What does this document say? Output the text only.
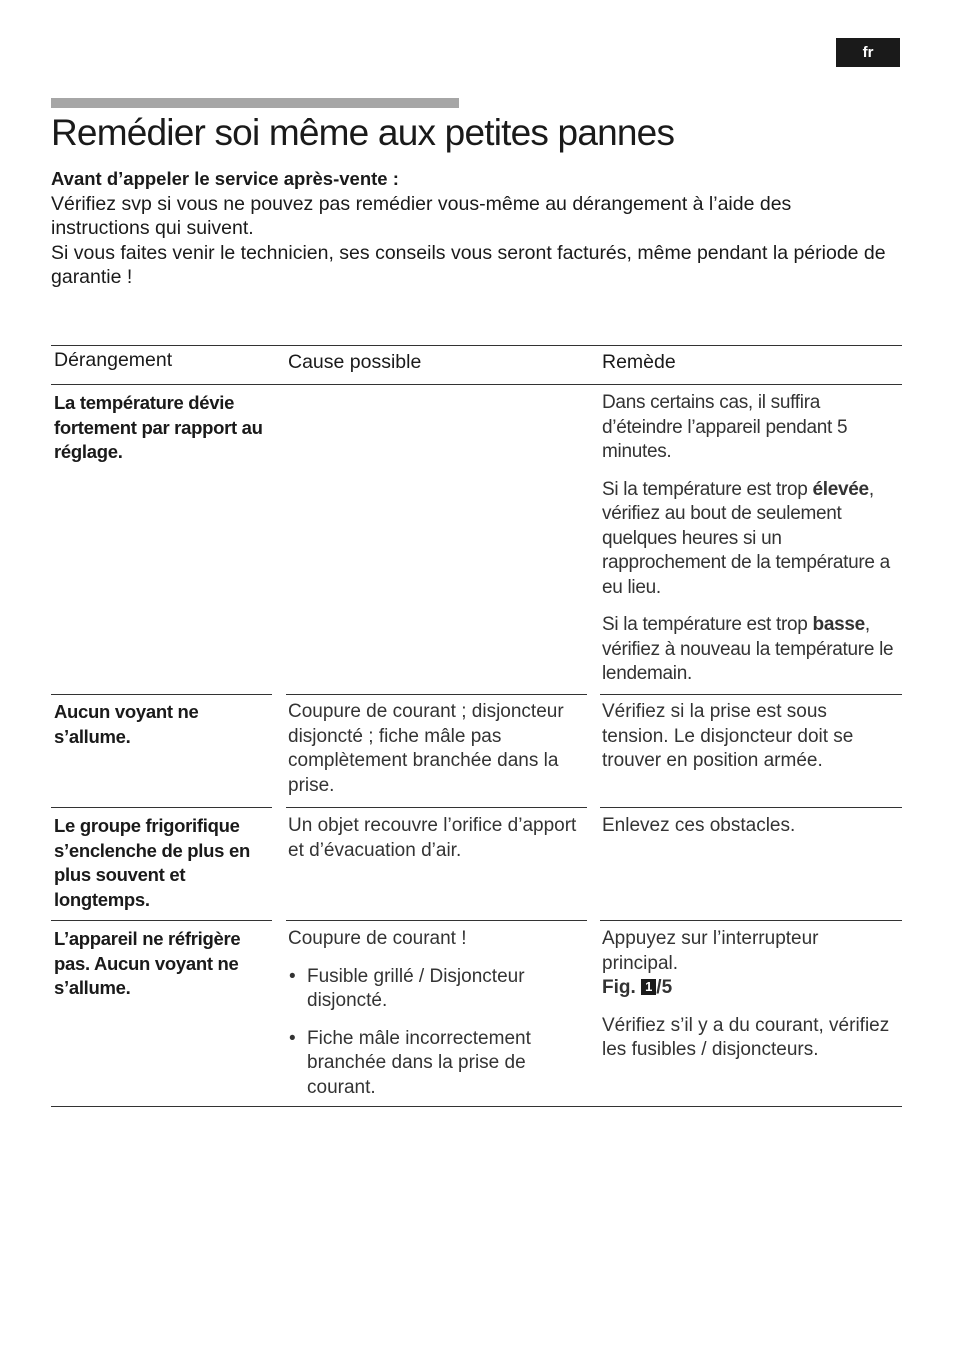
fr
Remédier soi même aux petites pannes

Avant d’appeler le service après-vente :

Vérifiez svp si vous ne pouvez pas remédier vous-même au dérangement à l’aide des instructions qui suivent.

Si vous faites venir le technicien, ses conseils vous seront facturés, même pendant la période de garantie !

Dérangement	Cause possible	Remède
La température dévie fortement par rapport au réglage.

Dans certains cas, il suffira d’éteindre l’appareil pendant 5 minutes.

Si la température est trop élevée, vérifiez au bout de seulement quelques heures si un rapprochement de la température a eu lieu.

Si la température est trop basse, vérifiez à nouveau la température le lendemain.

Aucun voyant ne s’allume.
Coupure de courant ; disjoncteur disjoncté ; fiche mâle pas complètement branchée dans la prise.
Vérifiez si la prise est sous tension. Le disjoncteur doit se trouver en position armée.
Le groupe frigorifique s’enclenche de plus en plus souvent et longtemps.
Un objet recouvre l’orifice d’apport et d’évacuation d’air.
Enlevez ces obstacles.
L’appareil ne réfrigère pas. Aucun voyant ne s’allume.

Coupure de courant !

• Fusible grillé / Disjoncteur disjoncté.
• Fiche mâle incorrectement branchée dans la prise de courant.

Appuyez sur l’interrupteur principal.
Fig. 1 /5

Vérifiez s’il y a du courant, vérifiez les fusibles / disjoncteurs.
